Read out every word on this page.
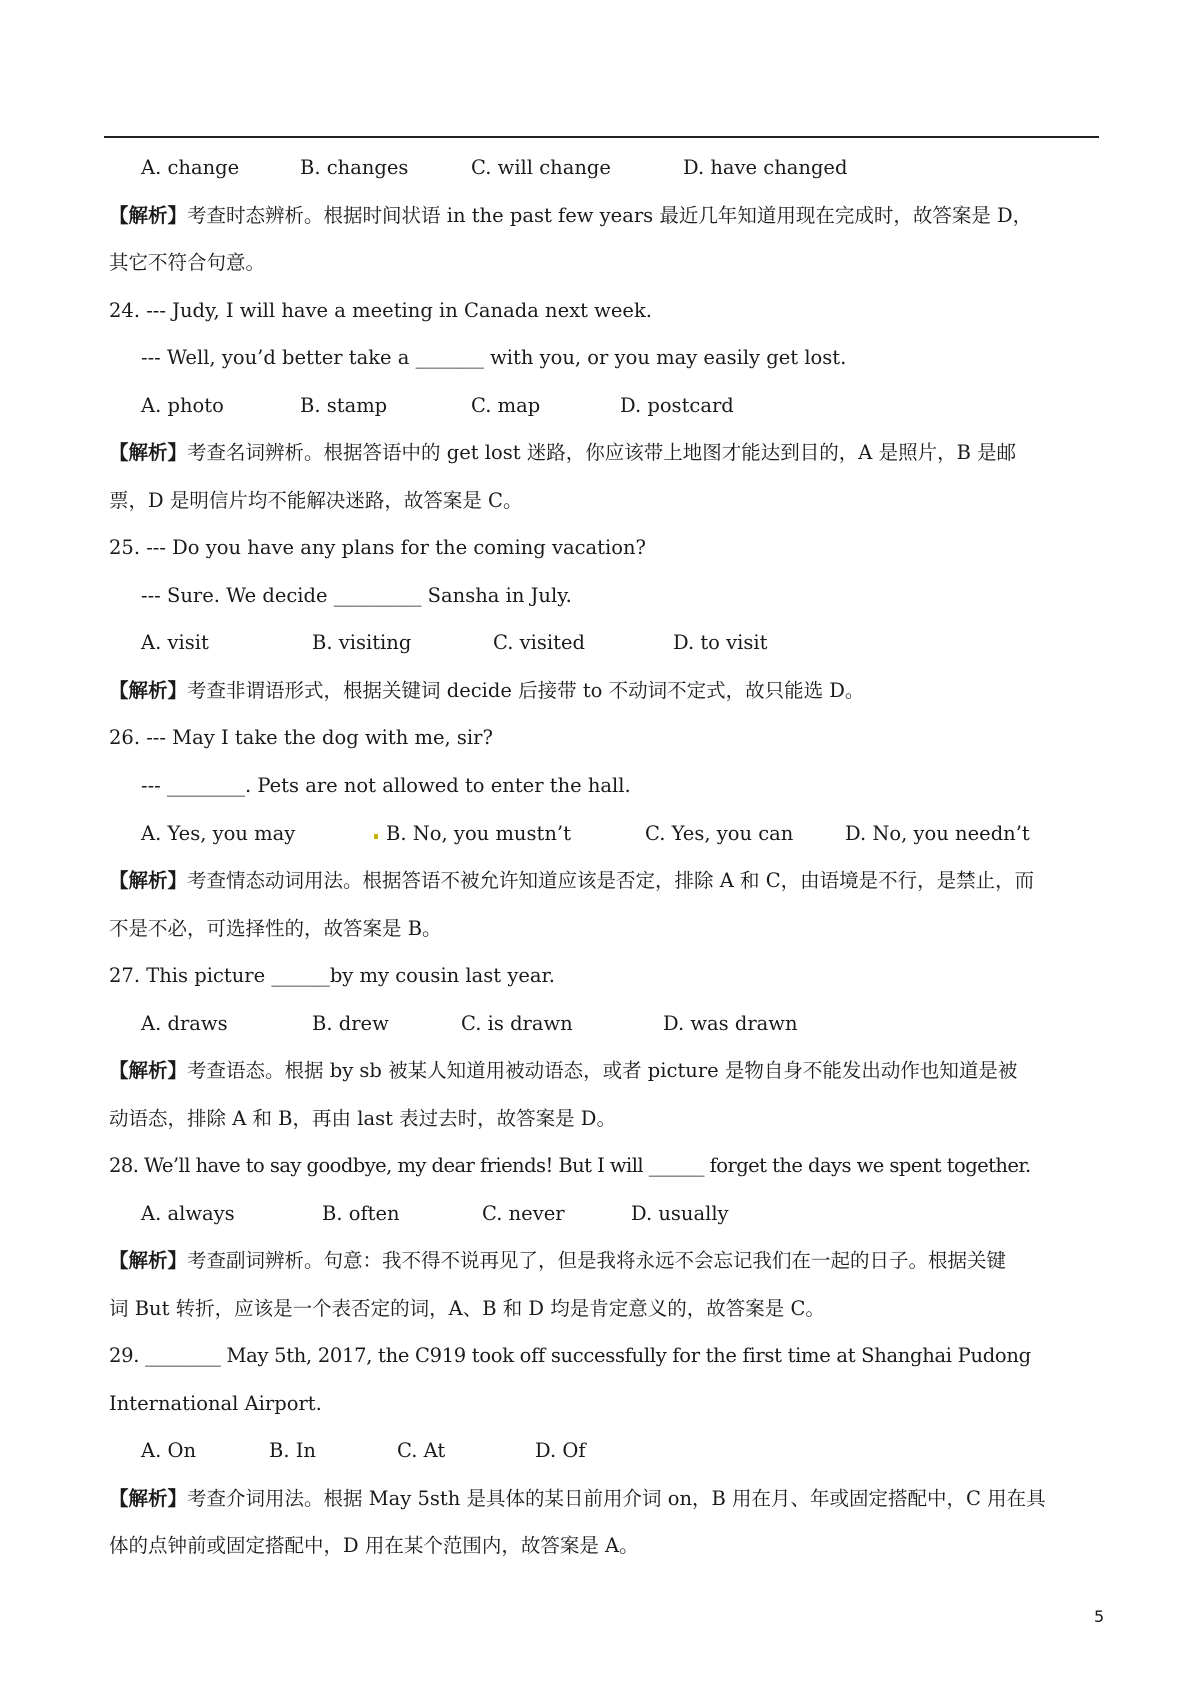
A. change

	B. changes

	C. will change

	D. have changed

【解析】考查时态辨析。根据时间状语 in the past few years 最近几年知道用现在完成时，故答案是 D，
其它不符合句意。
24. --- Judy, I will have a meeting in Canada next week.
--- Well, you’d better take a _______ with you, or you may easily get lost.

A. photo

	B. stamp

	C. map

	D. postcard

【解析】考查名词辨析。根据答语中的 get lost 迷路，你应该带上地图才能达到目的，A 是照片，B 是邮
票，D 是明信片均不能解决迷路，故答案是 C。
25. --- Do you have any plans for the coming vacation?
--- Sure. We decide _________ Sansha in July.

A. visit

	B. visiting

	C. visited

	D. to visit

【解析】考查非谓语形式，根据关键词 decide 后接带 to 不动词不定式，故只能选 D。
26. --- May I take the dog with me, sir?
--- ________. Pets are not allowed to enter the hall.

A. Yes, you may

	B. No, you mustn’t

	C. Yes, you can

	D. No, you needn’t

【解析】考查情态动词用法。根据答语不被允许知道应该是否定，排除 A 和 C，由语境是不行，是禁止，而
不是不必，可选择性的，故答案是 B。
27. This picture ______by my cousin last year.

A. draws

	B. drew

	C. is drawn

	D. was drawn

【解析】考查语态。根据 by sb 被某人知道用被动语态，或者 picture 是物自身不能发出动作也知道是被
动语态，排除 A 和 B，再由 last 表过去时，故答案是 D。
28. We’ll have to say goodbye, my dear friends! But I will ______ forget the days we spent together.

A. always

	B. often

	C. never

	D. usually

【解析】考查副词辨析。句意：我不得不说再见了，但是我将永远不会忘记我们在一起的日子。根据关键
词 But 转折，应该是一个表否定的词，A、B 和 D 均是肯定意义的，故答案是 C。
29. ________ May 5th, 2017, the C919 took off successfully for the first time at Shanghai Pudong
International Airport.

A. On

	B. In

	C. At

	D. Of

【解析】考查介词用法。根据 May 5sth 是具体的某日前用介词 on，B 用在月、年或固定搭配中，C 用在具
体的点钟前或固定搭配中，D 用在某个范围内，故答案是 A。
5
